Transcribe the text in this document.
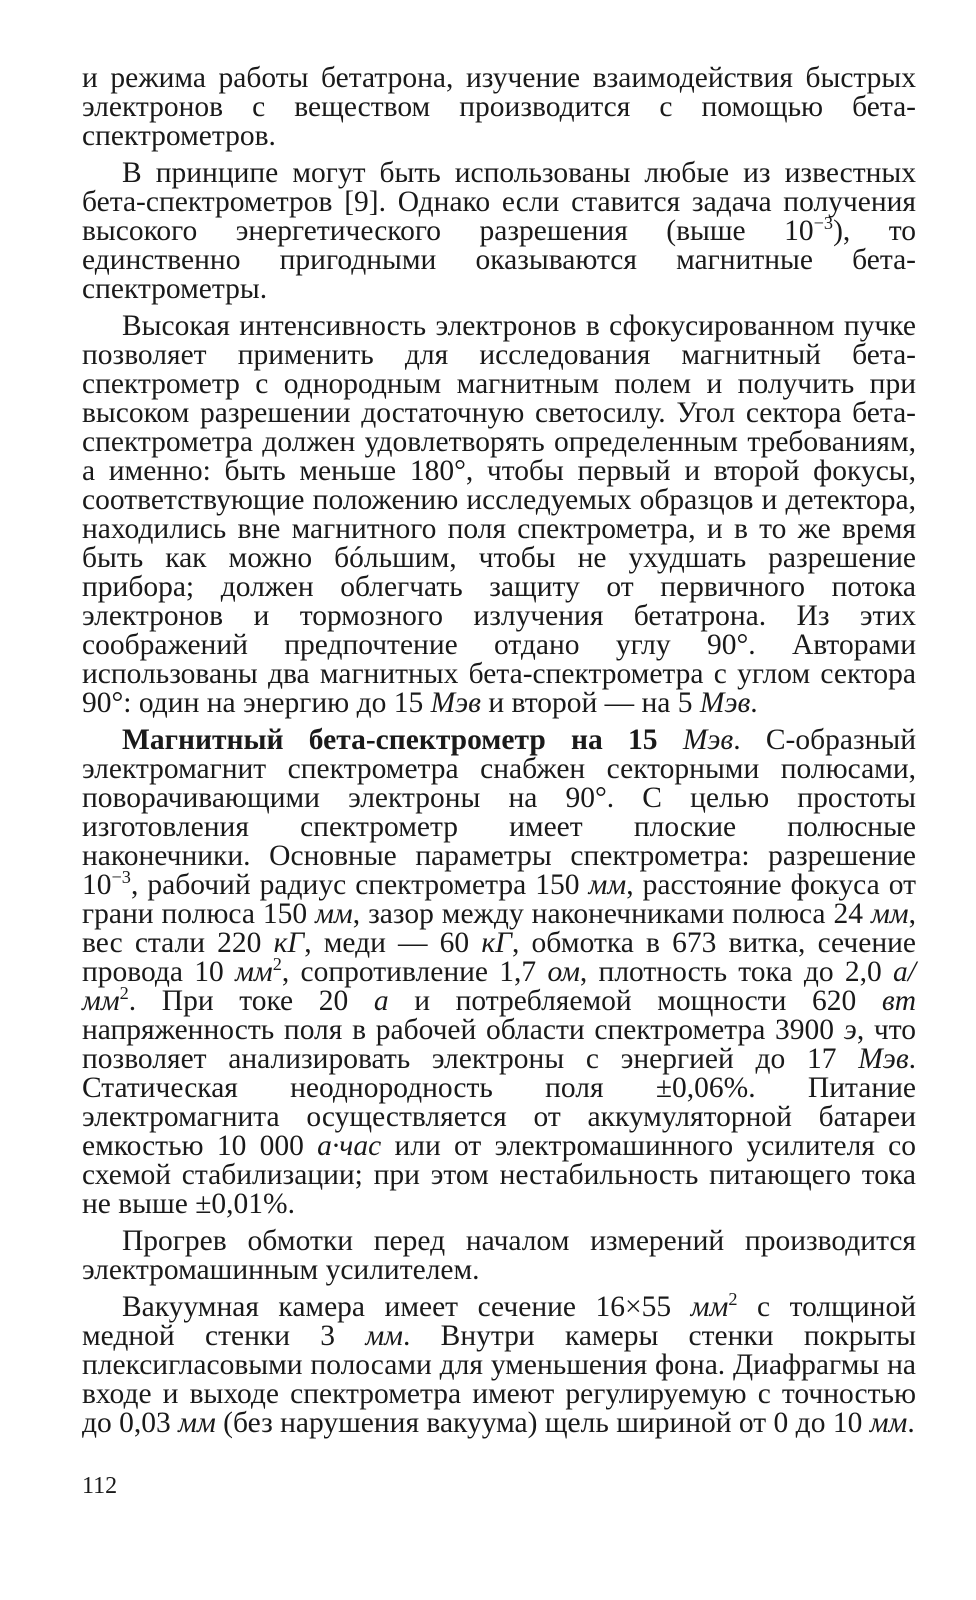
и режима работы бетатрона, изучение взаимодействия быстрых электронов с веществом производится с помощью бета-спектрометров.

В принципе могут быть использованы любые из известных бета-спектрометров [9]. Однако если ставится задача получения высокого энергетического разрешения (выше $10^{-3}$), то единственно пригодными оказываются магнитные бета-спектрометры.

Высокая интенсивность электронов в сфокусированном пучке позволяет применить для исследования магнитный бета-спектрометр с однородным магнитным полем и получить при высоком разрешении достаточную светосилу. Угол сектора бета-спектрометра должен удовлетворять определенным требованиям, а именно: быть меньше 180°, чтобы первый и второй фокусы, соответствующие положению исследуемых образцов и детектора, находились вне магнитного поля спектрометра, и в то же время быть как можно бóльшим, чтобы не ухудшать разрешение прибора; должен облегчать защиту от первичного потока электронов и тормозного излучения бетатрона. Из этих соображений предпочтение отдано углу 90°. Авторами использованы два магнитных бета-спектрометра с углом сектора 90°: один на энергию до 15 Мэв и второй — на 5 Мэв.

Магнитный бета-спектрометр на 15 Мэв. С-образный электромагнит спектрометра снабжен секторными полюсами, поворачивающими электроны на 90°. С целью простоты изготовления спектрометр имеет плоские полюсные наконечники. Основные параметры спектрометра: разрешение $10^{-3}$, рабочий радиус спектрометра 150 мм, расстояние фокуса от грани полюса 150 мм, зазор между наконечниками полюса 24 мм, вес стали 220 кГ, меди — 60 кГ, обмотка в 673 витка, сечение провода 10 $мм^2$, сопротивление 1,7 ом, плотность тока до 2,0 $а/мм^2$. При токе 20 а и потребляемой мощности 620 вт напряженность поля в рабочей области спектрометра 3900 э, что позволяет анализировать электроны с энергией до 17 Мэв. Статическая неоднородность поля ±0,06%. Питание электромагнита осуществляется от аккумуляторной батареи емкостью 10 000 а·час или от электромашинного усилителя со схемой стабилизации; при этом нестабильность питающего тока не выше ±0,01%.

Прогрев обмотки перед началом измерений производится электромашинным усилителем.

Вакуумная камера имеет сечение 16×55 $мм^2$ с толщиной медной стенки 3 мм. Внутри камеры стенки покрыты плексигласовыми полосами для уменьшения фона. Диафрагмы на входе и выходе спектрометра имеют регулируемую с точностью до 0,03 мм (без нарушения вакуума) щель шириной от 0 до 10 мм.

112
